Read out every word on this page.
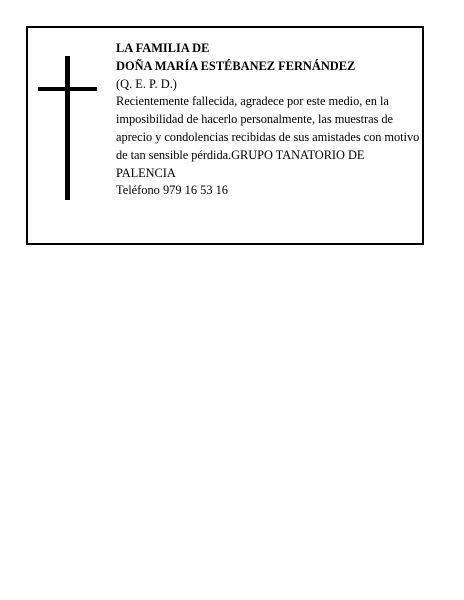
LA FAMILIA DE
DOÑA MARÍA ESTÉBANEZ FERNÁNDEZ
(Q. E. P. D.)
Recientemente fallecida, agradece por este medio, en la imposibilidad de hacerlo personalmente, las muestras de aprecio y condolencias recibidas de sus amistades con motivo de tan sensible pérdida.GRUPO TANATORIO DE PALENCIA
Teléfono 979 16 53 16
